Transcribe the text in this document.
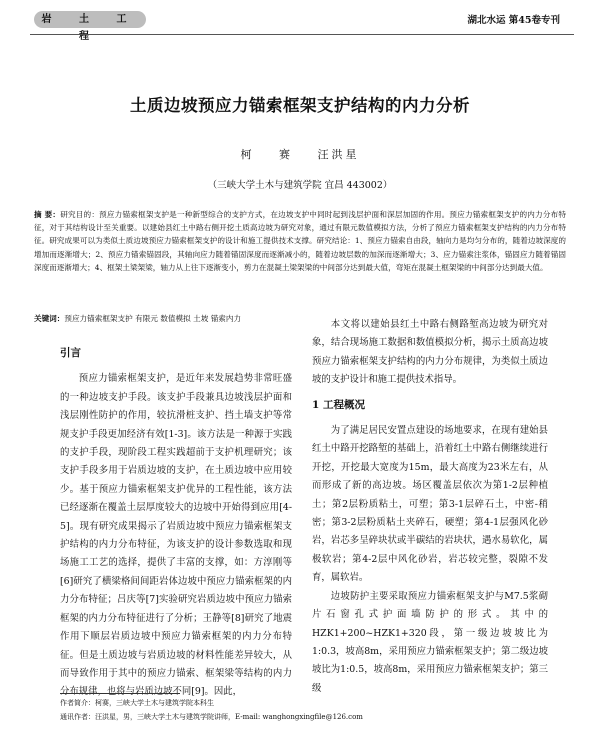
岩 土 工 程
湖北水运 第45卷专刊
土质边坡预应力锚索框架支护结构的内力分析
柯 赛 汪洪星
（三峡大学土木与建筑学院 宜昌 443002）
摘 要：研究目的：预应力锚索框架支护是一种新型综合的支护方式，在边坡支护中同时起到浅层护面和深层加固的作用。预应力锚索框架支护的内力分布特征，对于其结构设计至关重要。以建始县红土中路右侧开挖土质高边坡为研究对象，通过有限元数值模拟方法，分析了预应力锚索框架支护结构的内力分布特征。研究成果可以为类似土质边坡预应力锚索框架支护的设计和施工提供技术支撑。研究结论：1、预应力锚索自由段，轴向力是均匀分布的，随着边坡深度的增加而逐渐增大；2、预应力锚索锚固段，其轴向应力随着锚固深度而逐渐减小的，随着边坡层数的加深而逐渐增大；3、应力锚索注浆体，锚固应力随着锚固深度而逐渐增大；4、框架土梁架梁，轴力从上往下逐渐变小，剪力在混凝土梁架梁的中间部分达到最大值，弯矩在混凝土框架梁的中间部分达到最大值。
关键词：预应力锚索框架支护 有限元 数值模拟 土坡 锚索内力
引言

预应力锚索框架支护，是近年来发展趋势非常旺盛的一种边坡支护手段。该支护手段兼具边坡浅层护面和浅层刚性防护的作用，较抗滑桩支护、挡土墙支护等常规支护手段更加经济有效[1-3]。该方法是一种源于实践的支护手段，现阶段工程实践超前于支护机理研究；该支护手段多用于岩质边坡的支护，在土质边坡中应用较少。基于预应力锚索框架支护优异的工程性能，该方法已经逐渐在覆盖土层厚度较大的边坡中开始得到应用[4-5]。现有研究成果揭示了岩质边坡中预应力锚索框架支护结构的内力分布特征，为该支护的设计参数选取和现场施工工艺的选择，提供了丰富的支撑，如：方淳刚等[6]研究了横梁格间间距岩体边坡中预应力锚索框架的内力分布特征；吕庆等[7]实验研究岩质边坡中预应力锚索框架的内力分布特征进行了分析；王静等[8]研究了地震作用下顺层岩质边坡中预应力锚索框架的内力分布特征。但是土质边坡与岩质边坡的材料性能差异较大，从而导致作用于其中的预应力锚索、框架梁等结构的内力分布规律，也将与岩质边坡不同[9]。因此，

本文将以建始县红土中路右侧路堑高边坡为研究对象，结合现场施工数据和数值模拟分析，揭示土质高边坡预应力锚索框架支护结构的内力分布规律，为类似土质边坡的支护设计和施工提供技术指导。

1 工程概况

为了满足居民安置点建设的场地要求，在现有建始县红土中路开挖路堑的基础上，沿着红土中路右侧继续进行开挖，开挖最大宽度为15m，最大高度为23米左右，从而形成了新的高边坡。场区覆盖层依次为第1-2层种植土；第2层粉质粘土，可塑；第3-1层碎石土，中密-稍密；第3-2层粉质粘土夹碎石，硬塑；第4-1层强风化砂岩，岩芯多呈碎块状或半碳结的岩块状，遇水易软化，属极软岩；第4-2层中风化砂岩，岩芯较完整，裂隙不发育，属软岩。

边坡防护主要采取预应力锚索框架支护与M7.5浆砌片石窗孔式护面墙防护的形式。其中的HZK1+200~HZK1+320段，第一级边坡坡比为1:0.3，坡高8m，采用预应力锚索框架支护；第二级边坡坡比为1:0.5，坡高8m，采用预应力锚索框架支护；第三级

作者简介：柯赛，三峡大学土木与建筑学院本科生
通讯作者：汪洪星，男，三峡大学土木与建筑学院讲师，E-mail: wanghongxingfile@126.com
